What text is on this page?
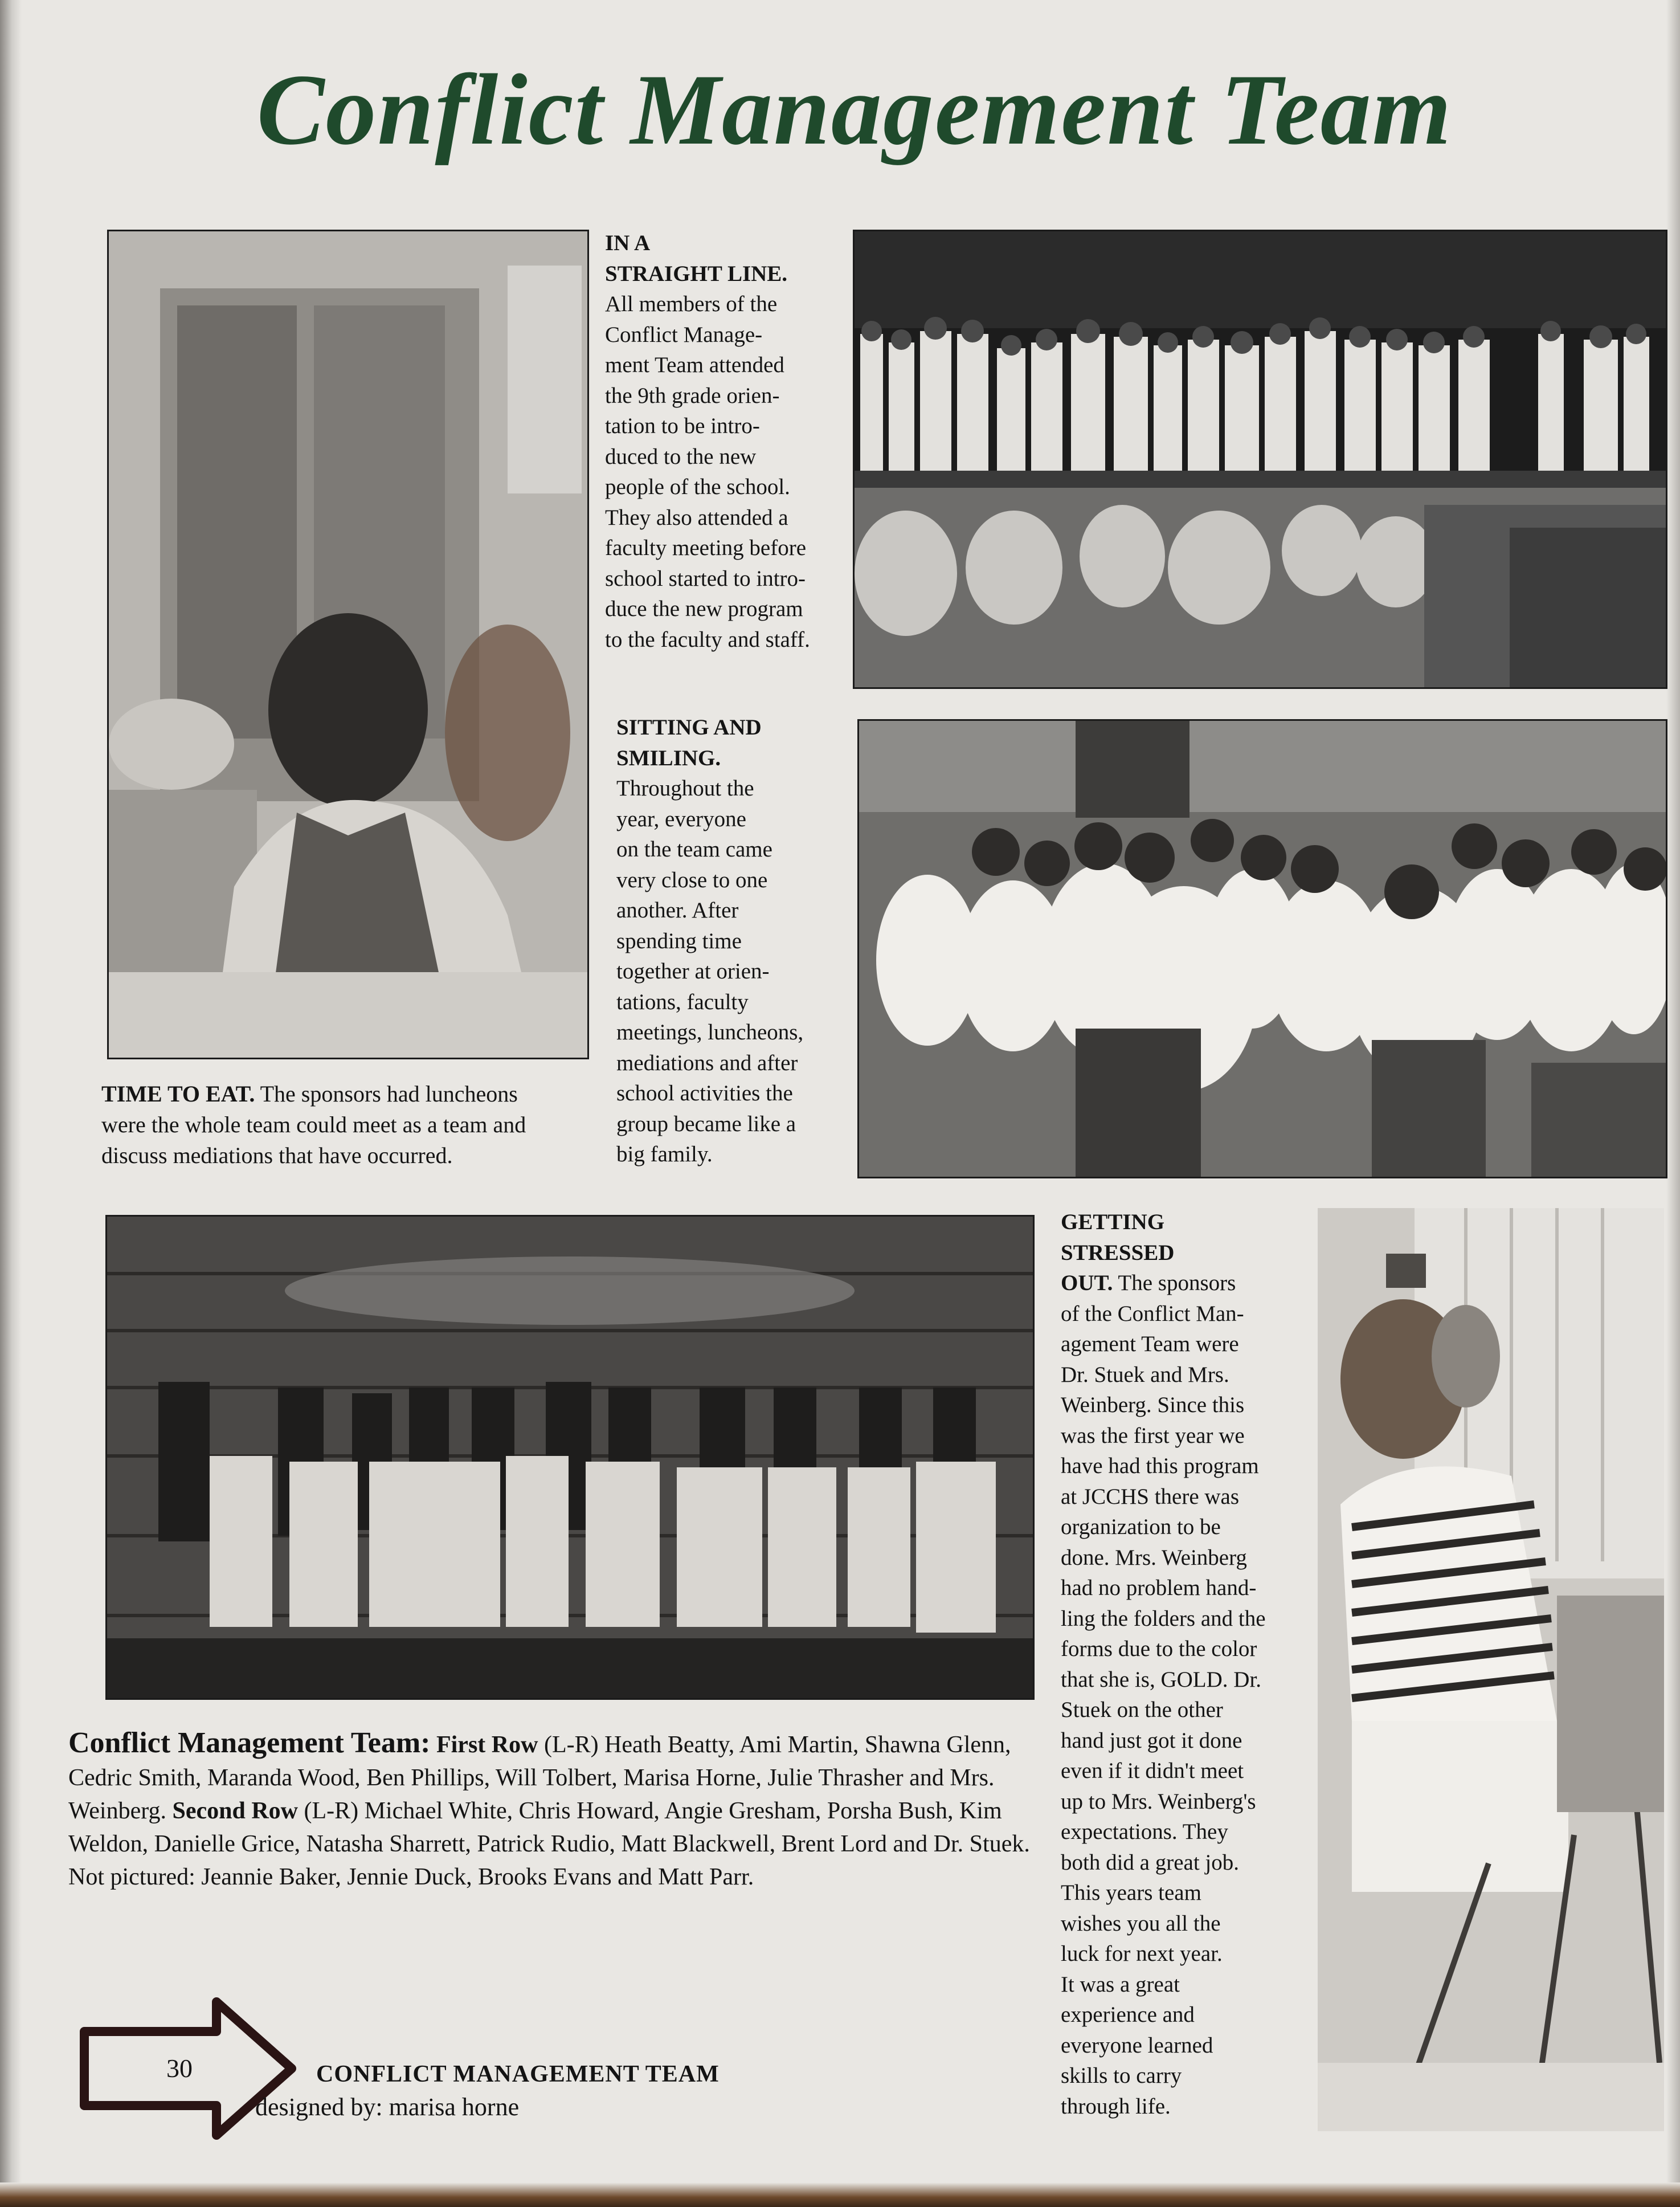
Conflict Management Team
IN A
STRAIGHT LINE.
All members of the
Conflict Manage-
ment Team attended
the 9th grade orien-
tation to be intro-
duced to the new
people of the school.
They also attended a
faculty meeting before
school started to intro-
duce the new program
to the faculty and staff.
SITTING AND
SMILING.
Throughout the
year, everyone
on the team came
very close to one
another. After
spending time
together at orien-
tations, faculty
meetings, luncheons,
mediations and after
school activities the
group became like a
big family.
TIME TO EAT. The sponsors had luncheons
were the whole team could meet as a team and
discuss mediations that have occurred.
GETTING
STRESSED
OUT. The sponsors
of the Conflict Man-
agement Team were
Dr. Stuek and Mrs.
Weinberg. Since this
was the first year we
have had this program
at JCCHS there was
organization to be
done. Mrs. Weinberg
had no problem hand-
ling the folders and the
forms due to the color
that she is, GOLD. Dr.
Stuek on the other
hand just got it done
even if it didn't meet
up to Mrs. Weinberg's
expectations. They
both did a great job.
This years team
wishes you all the
luck for next year.
It was a great
experience and
everyone learned
skills to carry
through life.

Conflict Management Team: First Row (L-R) Heath Beatty, Ami Martin, Shawna Glenn, Cedric Smith, Maranda Wood, Ben Phillips, Will Tolbert, Marisa Horne, Julie Thrasher and Mrs. Weinberg. Second Row (L-R) Michael White, Chris Howard, Angie Gresham, Porsha Bush, Kim Weldon, Danielle Grice, Natasha Sharrett, Patrick Rudio, Matt Blackwell, Brent Lord and Dr. Stuek. Not pictured: Jeannie Baker, Jennie Duck, Brooks Evans and Matt Parr.

30	CONFLICT MANAGEMENT TEAM
designed by: marisa horne
